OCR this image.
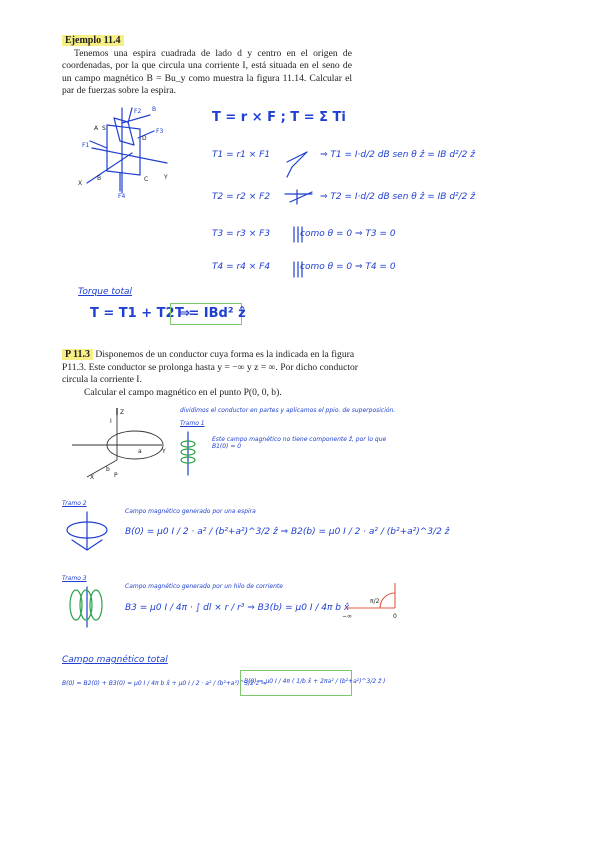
Ejemplo 11.4

Tenemos una espira cuadrada de lado d y centro en el origen de coordenadas, por la que circula una corriente I, está situada en el seno de un campo magnético B = Bu_y como muestra la figura 11.14. Calcular el par de fuerzas sobre la espira.
A S
D
B	C
X
Y
F1
F2
F3
F4
B
T = r × F ; T = Σ Ti
T1 = r1 × F1	⇒ T1 = I·d/2 dB sen θ ẑ = IB d²/2 ẑ
T2 = r2 × F2	⇒ T2 = I·d/2 dB sen θ ẑ = IB d²/2 ẑ
T3 = r3 × F3	como θ = 0 ⇒ T3 = 0
T4 = r4 × F4	como θ = 0 ⇒ T4 = 0
Torque total
T = T1 + T2 ⇒
T = IBd² ẑ
P 11.3 Disponemos de un conductor cuya forma es la indicada en la figura P11.3. Este conductor se prolonga hasta y = −∞ y z = ∞. Por dicho conductor circula la corriente I.
Calcular el campo magnético en el punto P(0, 0, b).
Z
I
a	Y
X
b
P
dividimos el conductor en partes y aplicamos el ppio. de superposición.
Tramo 1
Este campo magnético no tiene componente ẑ, por lo que B1(0) = 0
Tramo 2
Campo magnético generado por una espira
B(0) = μ0 I / 2 · a² / (b²+a²)^3/2 ẑ ⇒ B2(b) = μ0 I / 2 · a² / (b²+a²)^3/2 ẑ
Tramo 3
Campo magnético generado por un hilo de corriente
B3 = μ0 I / 4π · ∫ dl × r / r³ ⇒ B3(b) = μ0 I / 4π b x̂
−∞	0
π/2
Campo magnético total
B(0) = B2(0) + B3(0) = μ0 I / 4π b x̂ + μ0 I / 2 · a² / (b²+a²)^3/2 ẑ ⇒
B(0) = μ0 I / 4π ( 1/b x̂ + 2πa² / (b²+a²)^3/2 ẑ )
